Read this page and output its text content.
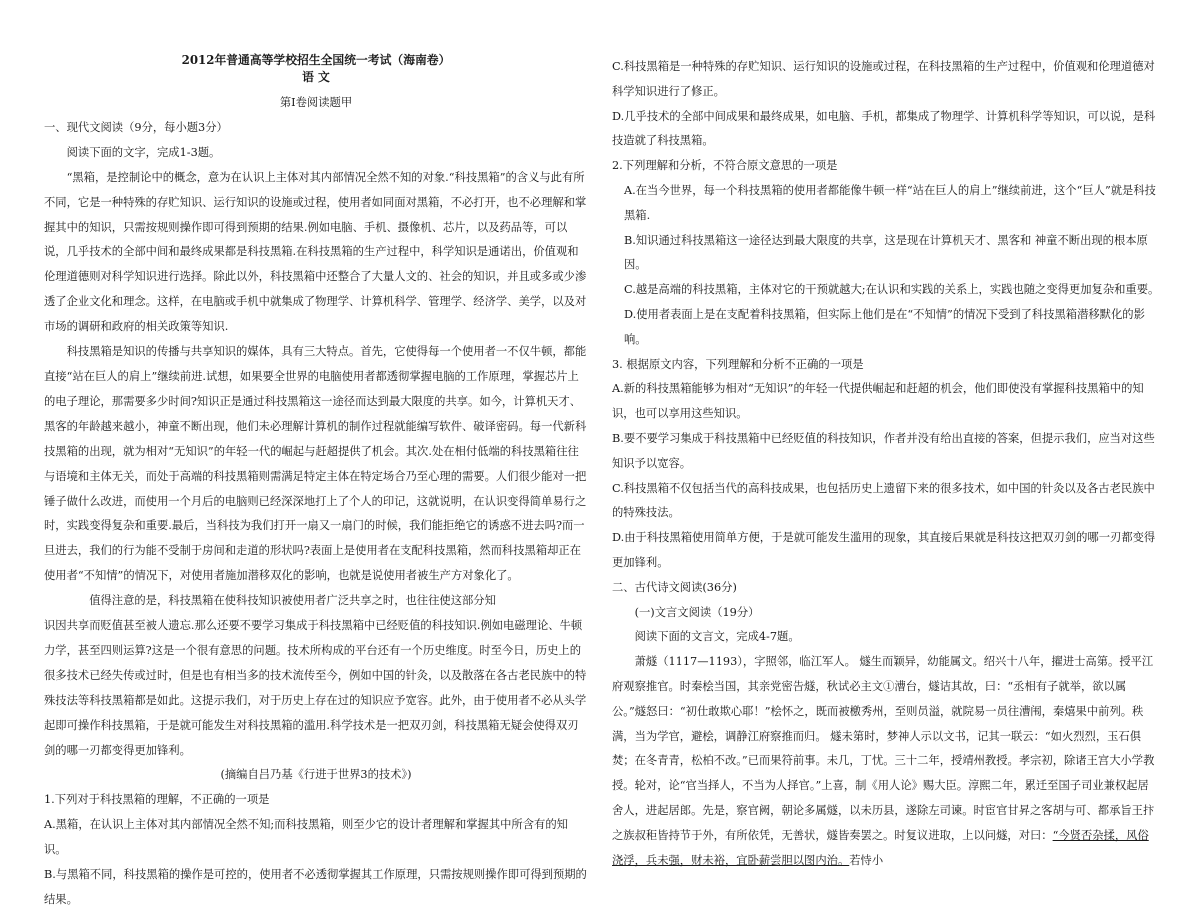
2012年普通高等学校招生全国统一考试（海南卷）

语 文

第Ⅰ卷阅读题甲

一、现代文阅读（9分，每小题3分）

阅读下面的文字，完成1-3题。

“黑箱，是控制论中的概念，意为在认识上主体对其内部情况全然不知的对象.“科技黑箱”的含义与此有所不同，它是一种特殊的存贮知识、运行知识的设施或过程，使用者如同面对黑箱，不必打开，也不必理解和掌握其中的知识，只需按规则操作即可得到预期的结果.例如电脑、手机、摄像机、芯片，以及药品等，可以说，几乎技术的全部中间和最终成果都是科技黑箱.在科技黑箱的生产过程中，科学知识是通诺出，价值观和伦理道德则对科学知识进行选择。除此以外，科技黑箱中还整合了大量人文的、社会的知识，并且或多或少渗透了企业文化和理念。这样，在电脑或手机中就集成了物理学、计算机科学、管理学、经济学、美学，以及对市场的调研和政府的相关政策等知识.

科技黑箱是知识的传播与共享知识的媒体，具有三大特点。首先，它使得每一个使用者一不仅牛顿，都能直接“站在巨人的肩上”继续前进.试想，如果要全世界的电脑使用者都透彻掌握电脑的工作原理，掌握芯片上的电子理论，那需要多少时间?知识正是通过科技黑箱这一途径而达到最大限度的共享。如今，计算机天才、黑客的年龄越来越小，神童不断出现，他们未必理解计算机的制作过程就能编写软件、破译密码。每一代新科技黑箱的出现，就为相对“无知识”的年轻一代的崛起与赶超提供了机会。其次.处在相付低端的科技黑箱往往与语境和主体无关，而处于高端的科技黑箱则需满足特定主体在特定场合乃至心理的需要。人们很少能对一把锤子做什么改进，而使用一个月后的电脑则已经深深地打上了个人的印记，这就说明，在认识变得简单易行之时，实践变得复杂和重要.最后，当科技为我们打开一扇又一扇门的时候，我们能拒绝它的诱惑不进去吗?而一旦进去，我们的行为能不受制于房间和走道的形状吗?表面上是使用者在支配科技黑箱，然而科技黑箱却正在使用者“不知情”的情况下，对使用者施加潜移双化的影响，也就是说使用者被生产方对象化了。

值得注意的是，科技黑箱在使科技知识被使用者广泛共享之时，也往往使这部分知

识因共享而贬值甚至被人遗忘.那么还要不要学习集成于科技黑箱中已经贬值的科技知识.例如电磁理论、牛顿力学，甚至四则运算?这是一个很有意思的问题。技术所构成的平台还有一个历史维度。时至今日，历史上的很多技术已经失传或过时，但是也有相当多的技术流传至今，例如中国的针灸，以及散落在各古老民族中的特殊技法等科技黑箱都是如此。这提示我们，对于历史上存在过的知识应予宽容。此外，由于使用者不必从头学起即可操作科技黑箱，于是就可能发生对科技黑箱的滥用.科学技术是一把双刃剑，科技黑箱无疑会使得双刃剑的哪一刃都变得更加锋利。

(摘编自吕乃基《行进于世界3的技术》)

1.下列对于科技黑箱的理解，不正确的一项是

A.黑箱，在认识上主体对其内部情况全然不知;而科技黑箱，则至少它的设计者理解和掌握其中所含有的知识。

B.与黑箱不同，科技黑箱的操作是可控的，使用者不必透彻掌握其工作原理，只需按规则操作即可得到预期的结果。

C.科技黑箱是一种特殊的存贮知识、运行知识的设施或过程，在科技黑箱的生产过程中，价值观和伦理道德对科学知识进行了修正。

D.几乎技术的全部中间成果和最终成果，如电脑、手机，都集成了物理学、计算机科学等知识，可以说，是科技造就了科技黑箱。

2.下列理解和分析，不符合原文意思的一项是

A.在当今世界，每一个科技黑箱的使用者都能像牛顿一样“站在巨人的肩上”继续前进，这个“巨人”就是科技黑箱.

B.知识通过科技黑箱这一途径达到最大限度的共享，这是现在计算机天才、黑客和 神童不断出现的根本原因。

C.越是高端的科技黑箱，主体对它的干预就越大;在认识和实践的关系上，实践也随之变得更加复杂和重要。

D.使用者表面上是在支配着科技黑箱，但实际上他们是在“不知情”的情况下受到了科技黑箱潜移默化的影响。

3. 根据原文内容，下列理解和分析不正确的一项是

A.新的科技黑箱能够为相对“无知识”的年轻一代提供崛起和赶超的机会，他们即使没有掌握科技黑箱中的知识，也可以享用这些知识。

B.要不要学习集成于科技黑箱中已经贬值的科技知识，作者并没有给出直接的答案，但提示我们，应当对这些知识予以宽容。

C.科技黑箱不仅包括当代的高科技成果，也包括历史上遗留下来的很多技术，如中国的针灸以及各古老民族中的特殊技法。

D.由于科技黑箱使用简单方便，于是就可能发生滥用的现象，其直接后果就是科技这把双刃剑的哪一刃都变得更加锋利。

二、古代诗文阅读(36分)

(一)文言文阅读（19分）

阅读下面的文言文，完成4-7题。

萧燧（1117—1193），字照邻，临江军人。 燧生而颖异，幼能属文。绍兴十八年，擢进士高第。授平江府观察推官。时秦桧当国，其亲党密告燧，秋试必主文①漕台，燧诘其故，曰：“丞相有子就举，欲以属公。”燧怒曰：“初仕敢欺心耶！”桧怀之，既而被檄秀州，至则员溢，就院易一员往漕闱，秦熺果中前列。秩满，当为学官，避桧，调静江府察推而归。 燧未第时，梦神人示以文书，记其一联云：“如火烈烈，玉石俱焚；在冬青青，松柏不改。”已而果符前事。未几，丁忧。三十二年，授靖州教授。孝宗初，除诸王宫大小学教授。轮对，论“官当择人，不当为人择官。”上喜，制《用人论》赐大臣。淳熙二年，累迁至国子司业兼权起居舍人，进起居郎。先是，察官阙，朝论多属燧，以未历县，遂除左司谏。时宦官甘昇之客胡与可、都承旨王抃之族叔秬皆持节于外，有所依凭，无善状，燧皆奏罢之。时复议进取，上以问燧，对曰：“今贤否杂揉，风俗浇浮，兵未强，财未裕，宜卧薪尝胆以图内治。若恃小
